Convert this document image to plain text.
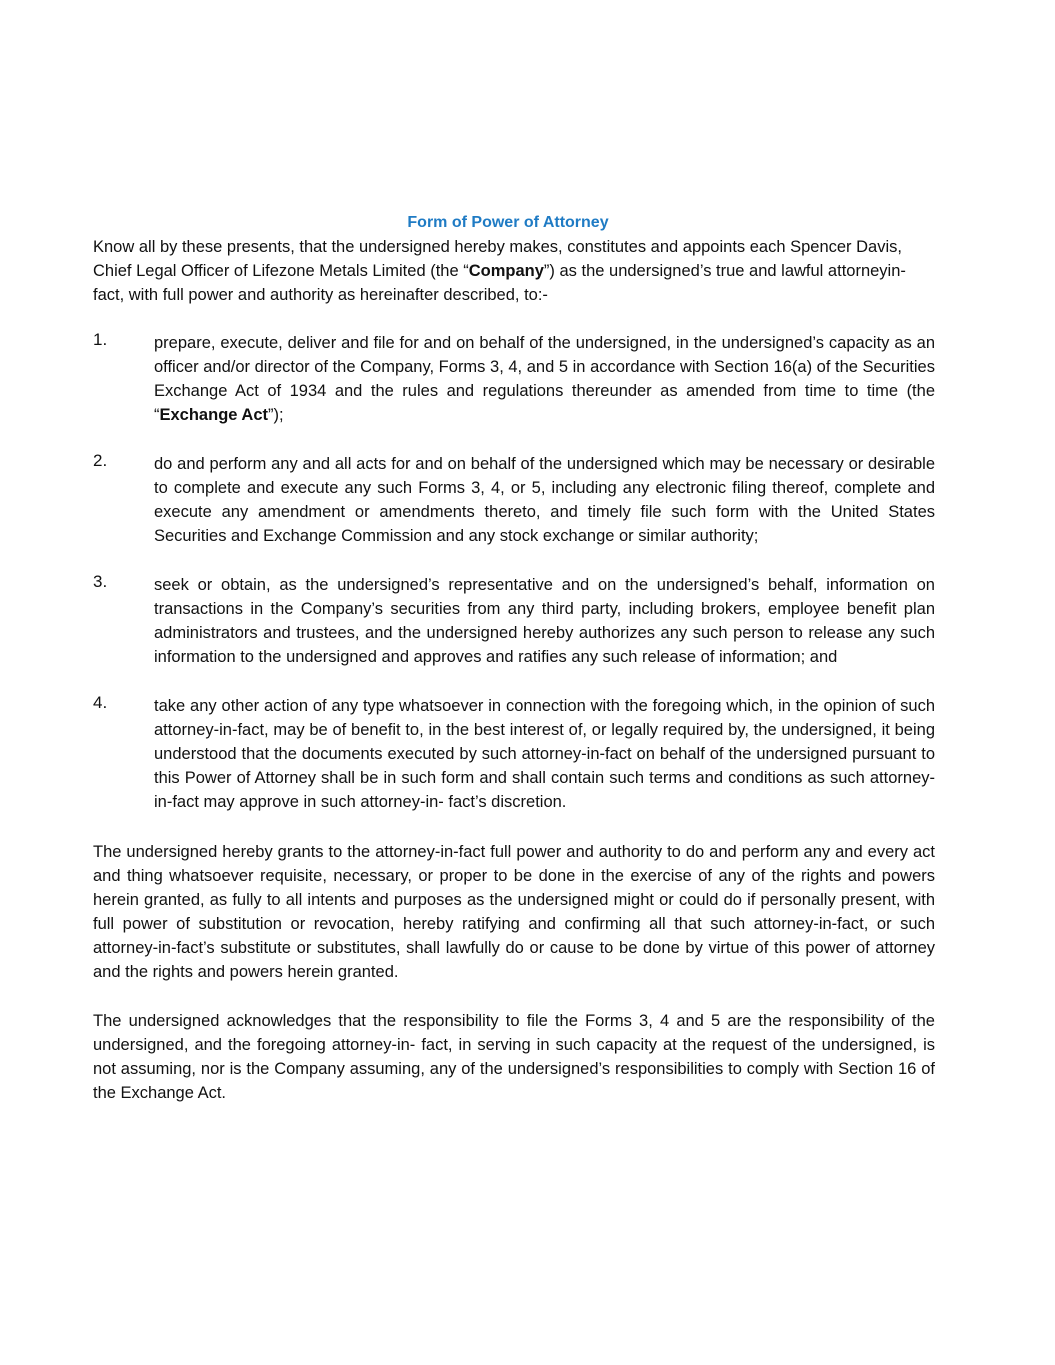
Form of Power of Attorney

Know all by these presents, that the undersigned hereby makes, constitutes and appoints each Spencer Davis, Chief Legal Officer of Lifezone Metals Limited (the “Company”) as the undersigned’s true and lawful attorneyin-fact, with full power and authority as hereinafter described, to:-

1.	prepare, execute, deliver and file for and on behalf of the undersigned, in the undersigned’s capacity as an officer and/or director of the Company, Forms 3, 4, and 5 in accordance with Section 16(a) of the Securities Exchange Act of 1934 and the rules and regulations thereunder as amended from time to time (the “Exchange Act”);
2.	do and perform any and all acts for and on behalf of the undersigned which may be necessary or desirable to complete and execute any such Forms 3, 4, or 5, including any electronic filing thereof, complete and execute any amendment or amendments thereto, and timely file such form with the United States Securities and Exchange Commission and any stock exchange or similar authority;
3.	seek or obtain, as the undersigned’s representative and on the undersigned’s behalf, information on transactions in the Company’s securities from any third party, including brokers, employee benefit plan administrators and trustees, and the undersigned hereby authorizes any such person to release any such information to the undersigned and approves and ratifies any such release of information; and
4.	take any other action of any type whatsoever in connection with the foregoing which, in the opinion of such attorney-in-fact, may be of benefit to, in the best interest of, or legally required by, the undersigned, it being understood that the documents executed by such attorney-in-fact on behalf of the undersigned pursuant to this Power of Attorney shall be in such form and shall contain such terms and conditions as such attorney-in-fact may approve in such attorney-in- fact’s discretion.

The undersigned hereby grants to the attorney-in-fact full power and authority to do and perform any and every act and thing whatsoever requisite, necessary, or proper to be done in the exercise of any of the rights and powers herein granted, as fully to all intents and purposes as the undersigned might or could do if personally present, with full power of substitution or revocation, hereby ratifying and confirming all that such attorney-in-fact, or such attorney-in-fact’s substitute or substitutes, shall lawfully do or cause to be done by virtue of this power of attorney and the rights and powers herein granted.

The undersigned acknowledges that the responsibility to file the Forms 3, 4 and 5 are the responsibility of the undersigned, and the foregoing attorney-in- fact, in serving in such capacity at the request of the undersigned, is not assuming, nor is the Company assuming, any of the undersigned’s responsibilities to comply with Section 16 of the Exchange Act.
